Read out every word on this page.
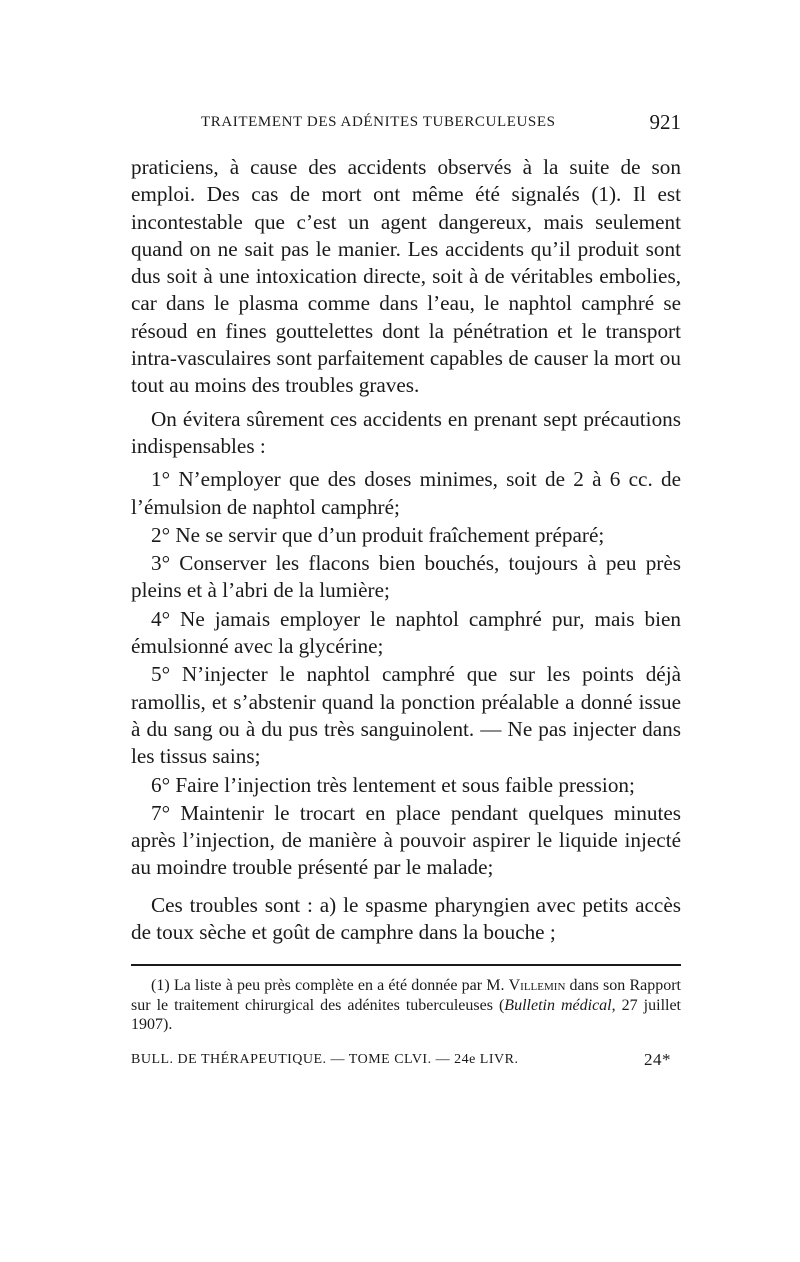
TRAITEMENT DES ADÉNITES TUBERCULEUSES	921

praticiens, à cause des accidents observés à la suite de son emploi. Des cas de mort ont même été signalés (1). Il est incontestable que c’est un agent dangereux, mais seulement quand on ne sait pas le manier. Les accidents qu’il produit sont dus soit à une intoxication directe, soit à de véritables embolies, car dans le plasma comme dans l’eau, le naphtol camphré se résoud en fines gouttelettes dont la pénétration et le transport intra-vasculaires sont parfaitement capables de causer la mort ou tout au moins des troubles graves.

On évitera sûrement ces accidents en prenant sept précautions indispensables :

1° N’employer que des doses minimes, soit de 2 à 6 cc. de l’émulsion de naphtol camphré;

2° Ne se servir que d’un produit fraîchement préparé;

3° Conserver les flacons bien bouchés, toujours à peu près pleins et à l’abri de la lumière;

4° Ne jamais employer le naphtol camphré pur, mais bien émulsionné avec la glycérine;

5° N’injecter le naphtol camphré que sur les points déjà ramollis, et s’abstenir quand la ponction préalable a donné issue à du sang ou à du pus très sanguinolent. — Ne pas injecter dans les tissus sains;

6° Faire l’injection très lentement et sous faible pression;

7° Maintenir le trocart en place pendant quelques minutes après l’injection, de manière à pouvoir aspirer le liquide injecté au moindre trouble présenté par le malade;

Ces troubles sont : a) le spasme pharyngien avec petits accès de toux sèche et goût de camphre dans la bouche ;

(1) La liste à peu près complète en a été donnée par M. Villemin dans son Rapport sur le traitement chirurgical des adénites tuberculeuses (Bulletin médical, 27 juillet 1907).
BULL. DE THÉRAPEUTIQUE. — TOME CLVI. — 24e LIVR.	24*
